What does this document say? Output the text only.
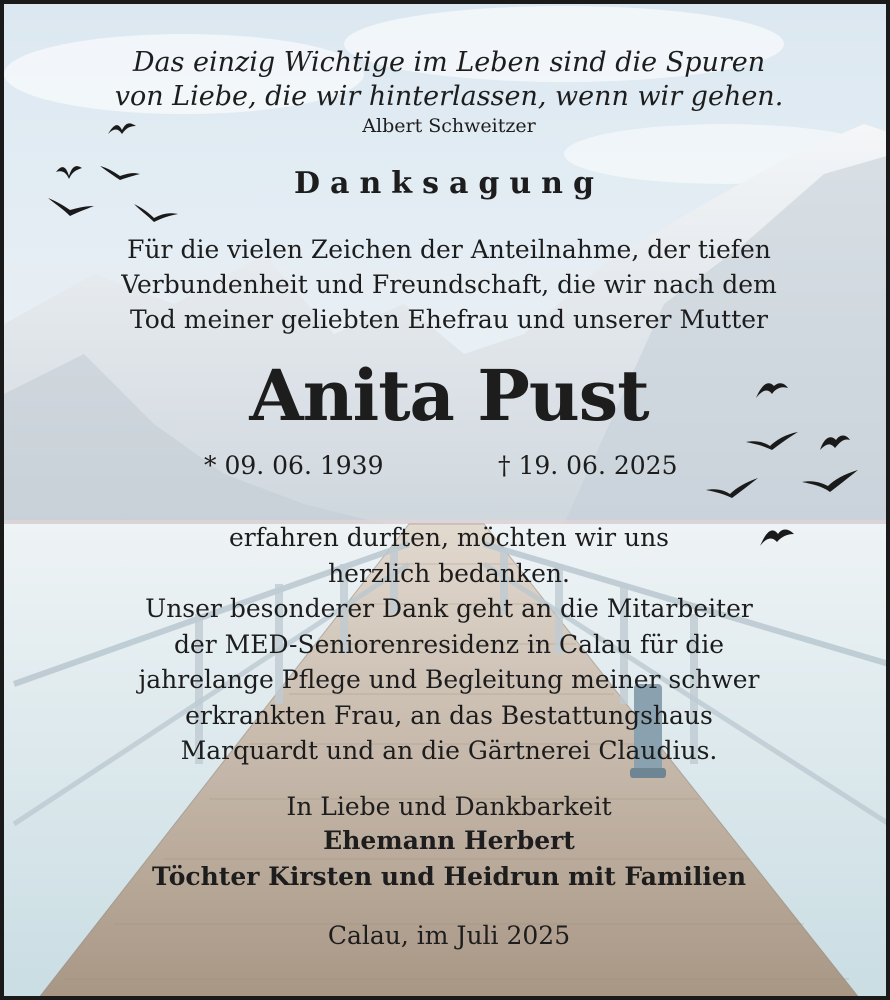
Das einzig Wichtige im Leben sind die Spuren
von Liebe, die wir hinterlassen, wenn wir gehen.
Albert Schweitzer
Danksagung
Für die vielen Zeichen der Anteilnahme, der tiefen
Verbundenheit und Freundschaft, die wir nach dem
Tod meiner geliebten Ehefrau und unserer Mutter
Anita Pust
* 09. 06. 1939	† 19. 06. 2025
erfahren durften, möchten wir uns
herzlich bedanken.
Unser besonderer Dank geht an die Mitarbeiter
der MED-Seniorenresidenz in Calau für die
jahrelange Pflege und Begleitung meiner schwer
erkrankten Frau, an das Bestattungshaus
Marquardt und an die Gärtnerei Claudius.
In Liebe und Dankbarkeit
Ehemann Herbert
Töchter Kirsten und Heidrun mit Familien
Calau, im Juli 2025
